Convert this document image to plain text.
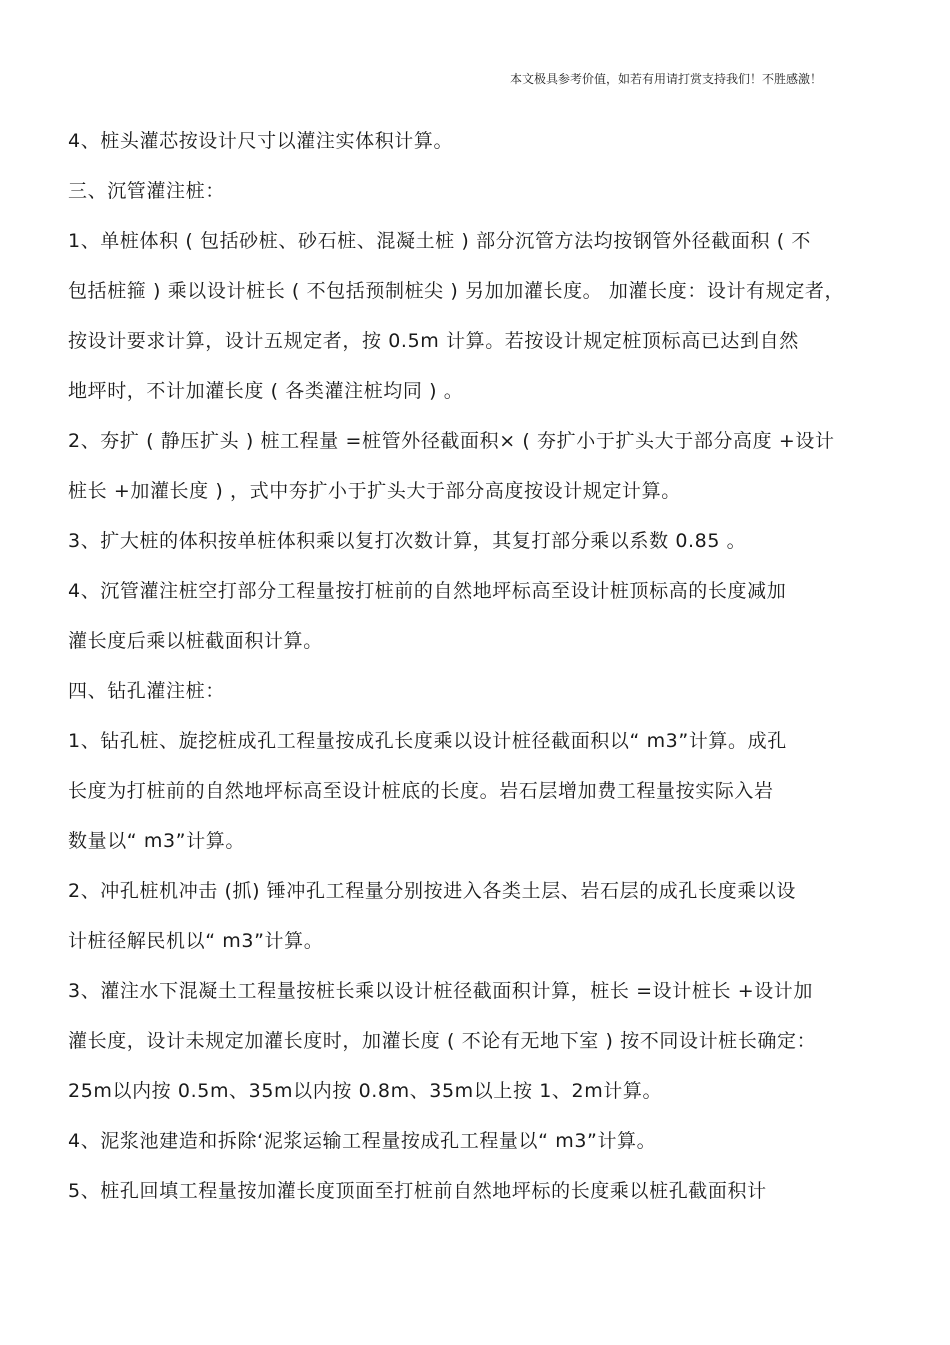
本文极具参考价值，如若有用请打赏支持我们！不胜感激！
4、桩头灌芯按设计尺寸以灌注实体积计算。
三、沉管灌注桩：
1、单桩体积 ( 包括砂桩、砂石桩、混凝土桩 ) 部分沉管方法均按钢管外径截面积 ( 不
包括桩箍 ) 乘以设计桩长 ( 不包括预制桩尖 ) 另加加灌长度。 加灌长度：设计有规定者，
按设计要求计算，设计五规定者，按 0.5m 计算。若按设计规定桩顶标高已达到自然
地坪时，不计加灌长度 ( 各类灌注桩均同 ) 。
2、夯扩 ( 静压扩头 ) 桩工程量 =桩管外径截面积× ( 夯扩小于扩头大于部分高度 +设计
桩长 +加灌长度 ) ，式中夯扩小于扩头大于部分高度按设计规定计算。
3、扩大桩的体积按单桩体积乘以复打次数计算，其复打部分乘以系数 0.85 。
4、沉管灌注桩空打部分工程量按打桩前的自然地坪标高至设计桩顶标高的长度减加
灌长度后乘以桩截面积计算。
四、钻孔灌注桩：
1、钻孔桩、旋挖桩成孔工程量按成孔长度乘以设计桩径截面积以“ m3”计算。成孔
长度为打桩前的自然地坪标高至设计桩底的长度。岩石层增加费工程量按实际入岩
数量以“ m3”计算。
2、冲孔桩机冲击 (抓) 锤冲孔工程量分别按进入各类土层、岩石层的成孔长度乘以设
计桩径解民机以“ m3”计算。
3、灌注水下混凝土工程量按桩长乘以设计桩径截面积计算，桩长 =设计桩长 +设计加
灌长度，设计未规定加灌长度时，加灌长度 ( 不论有无地下室 ) 按不同设计桩长确定：
25m以内按 0.5m、35m以内按 0.8m、35m以上按 1、2m计算。
4、泥浆池建造和拆除‘泥浆运输工程量按成孔工程量以“ m3”计算。
5、桩孔回填工程量按加灌长度顶面至打桩前自然地坪标的长度乘以桩孔截面积计
